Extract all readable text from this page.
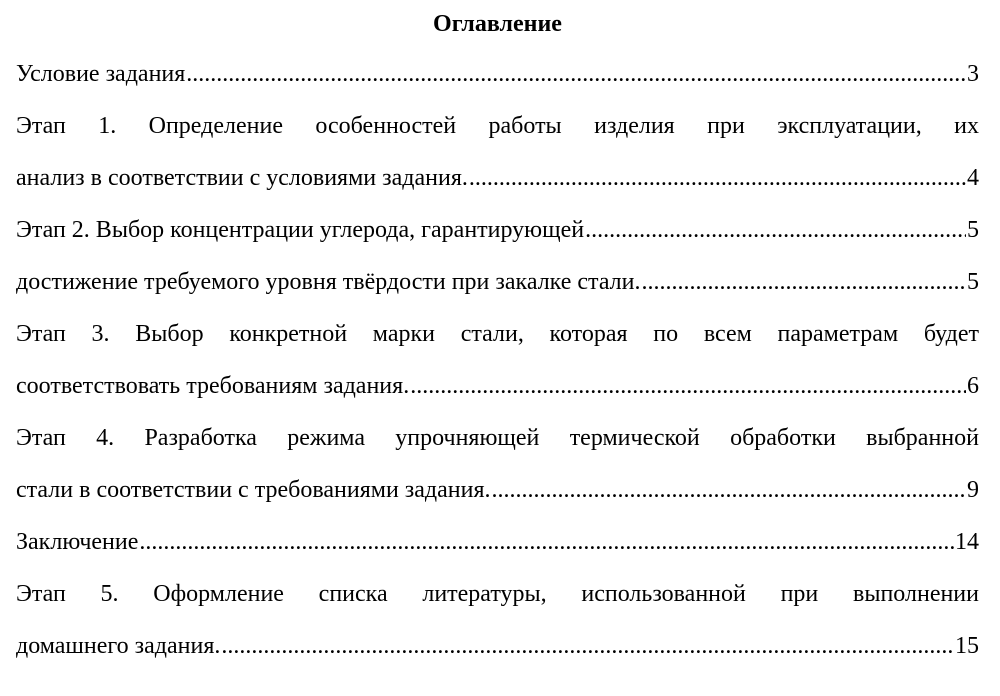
Оглавление
Условие задания .....	3
Этап 1. Определение особенностей работы изделия при эксплуатации, их
анализ в соответствии с условиями задания. .....	4
Этап 2. Выбор концентрации углерода, гарантирующей .....	5
достижение требуемого уровня твёрдости при закалке стали. .....	5
Этап 3. Выбор конкретной марки стали, которая по всем параметрам будет
соответствовать требованиям задания. .....	6
Этап 4. Разработка режима упрочняющей термической обработки выбранной
стали в соответствии с требованиями задания. .....	9
Заключение .....	14
Этап 5. Оформление списка литературы, использованной при выполнении
домашнего задания. .....	15
